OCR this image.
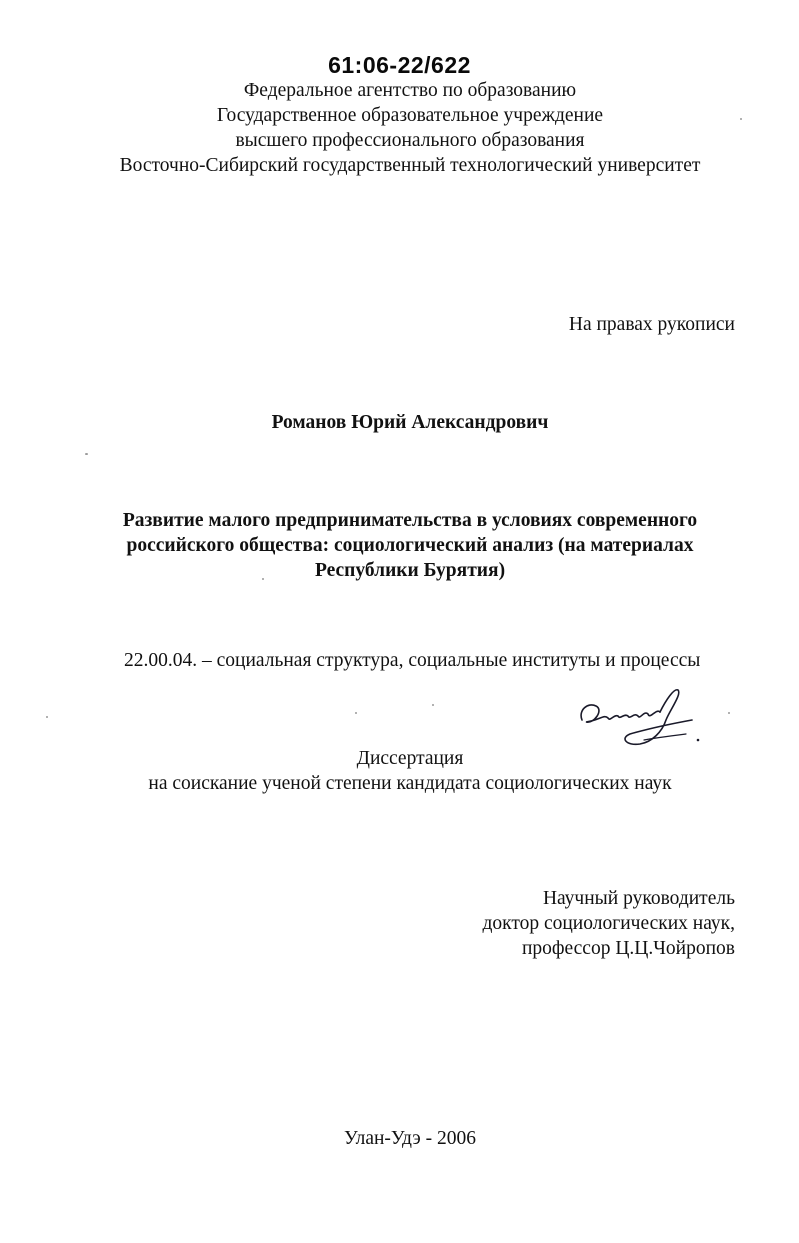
61:06-22/622
Федеральное агентство по образованию
Государственное образовательное учреждение
высшего профессионального образования
Восточно-Сибирский государственный технологический университет
На правах рукописи
Романов Юрий Александрович
Развитие малого предпринимательства в условиях современного
российского общества: социологический анализ (на материалах
Республики Бурятия)
22.00.04. – социальная структура, социальные институты и процессы
Диссертация
на соискание ученой степени кандидата социологических наук
Научный руководитель
доктор социологических наук,
профессор Ц.Ц.Чойропов
Улан-Удэ - 2006
